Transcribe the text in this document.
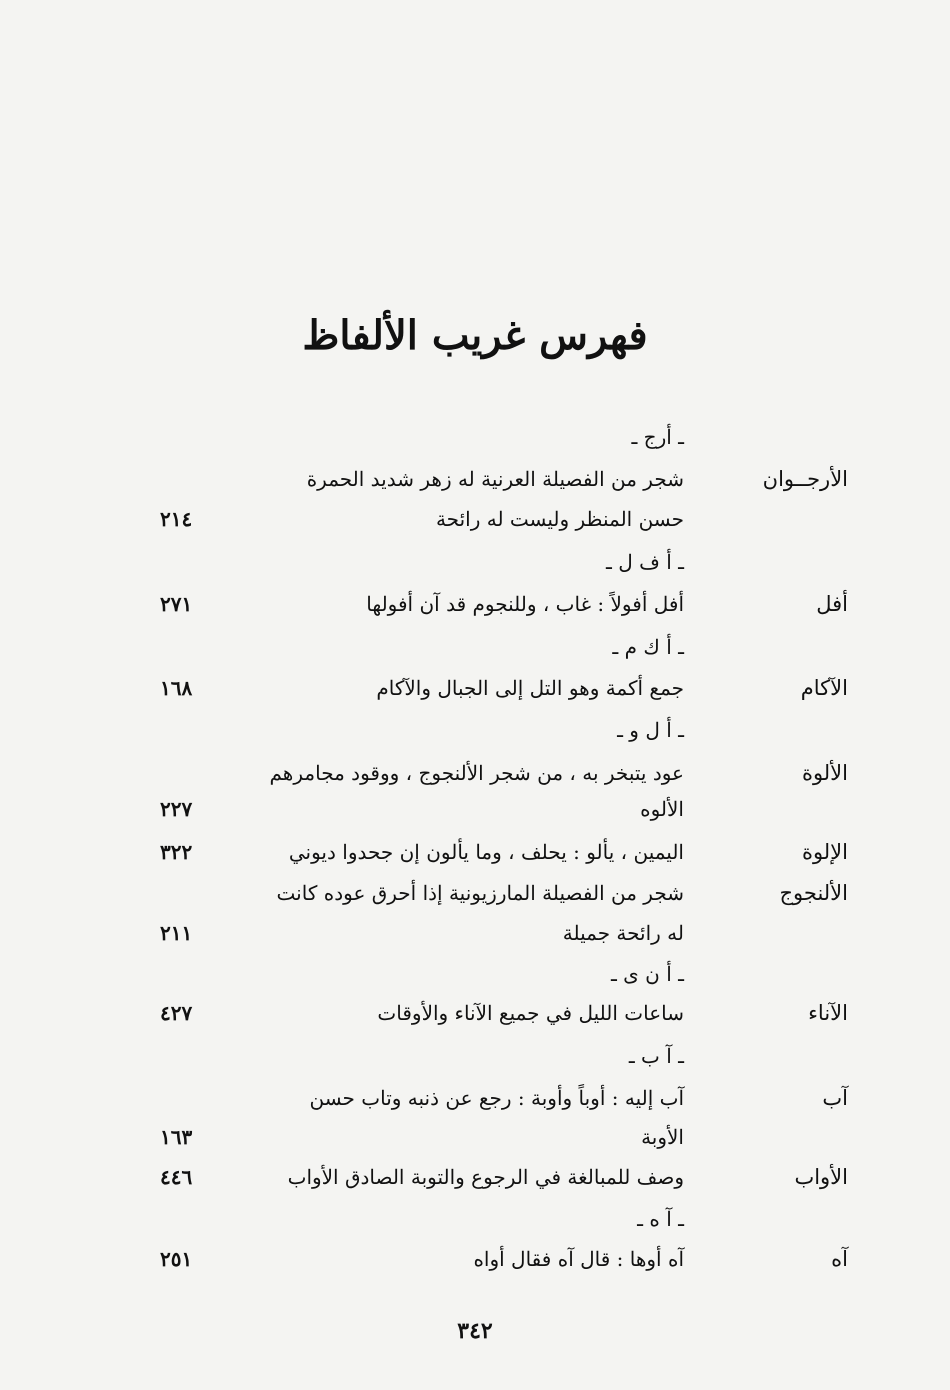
فهرس غريب الألفاظ
ـ أرج ـ
الأرجــوان
شجر من الفصيلة العرنية له زهر شديد الحمرة
حسن المنظر وليست له رائحة
٢١٤
ـ أ ف ل ـ
أفل
أفل أفولاً : غاب ، وللنجوم قد آن أفولها
٢٧١
ـ أ ك م ـ
الآكام
جمع أكمة وهو التل إلى الجبال والآكام
١٦٨
ـ أ ل و ـ
الألوة
عود يتبخر به ، من شجر الألنجوج ، ووقود مجامرهم
الألوه
٢٢٧
الإلوة
اليمين ، يألو : يحلف ، وما يألون إن جحدوا ديوني
٣٢٢
الألنجوج
شجر من الفصيلة المارزيونية إذا أحرق عوده كانت
له رائحة جميلة
٢١١
ـ أ ن ى ـ
الآناء
ساعات الليل في جميع الآناء والأوقات
٤٢٧
ـ آ ب ـ
آب
آب إليه : أوباً وأوبة : رجع عن ذنبه وتاب حسن
الأوبة
١٦٣
الأواب
وصف للمبالغة في الرجوع والتوبة الصادق الأواب
٤٤٦
ـ آ ه ـ
آه
آه أوها : قال آه فقال أواه
٢٥١
٣٤٢
